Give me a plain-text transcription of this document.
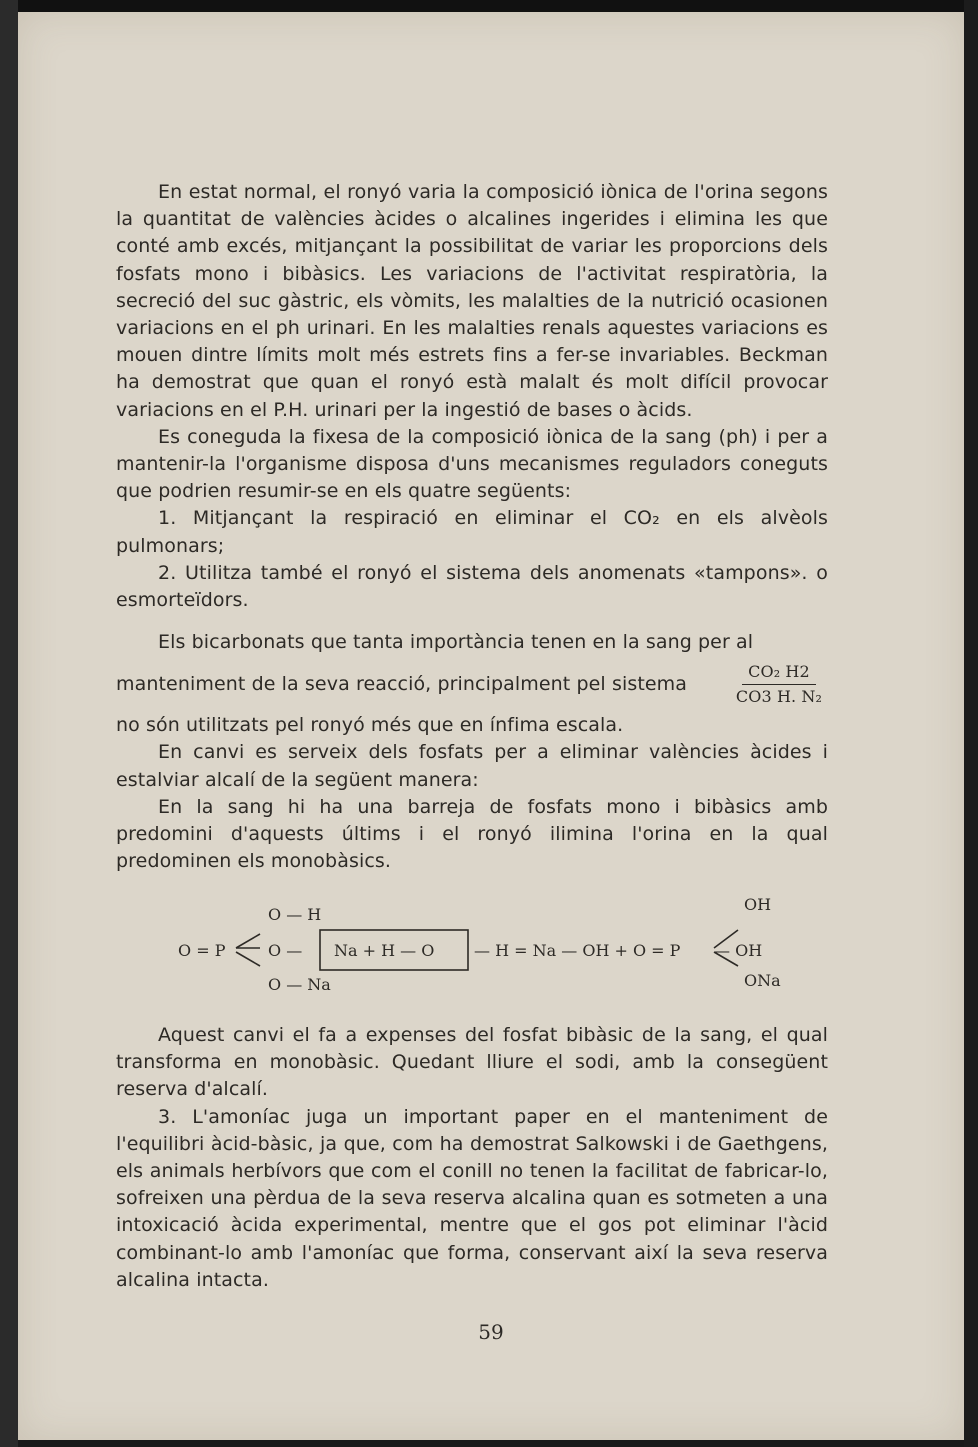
En estat normal, el ronyó varia la composició iònica de l'orina segons la quantitat de valències àcides o alcalines ingerides i elimina les que conté amb excés, mitjançant la possibilitat de variar les proporcions dels fosfats mono i bibàsics. Les variacions de l'activitat respiratòria, la secreció del suc gàstric, els vòmits, les malalties de la nutrició ocasionen variacions en el ph urinari. En les malalties renals aquestes variacions es mouen dintre límits molt més estrets fins a fer-se invariables. Beckman ha demostrat que quan el ronyó està malalt és molt difícil provocar variacions en el P.H. urinari per la ingestió de bases o àcids.

Es coneguda la fixesa de la composició iònica de la sang (ph) i per a mantenir-la l'organisme disposa d'uns mecanismes reguladors coneguts que podrien resumir-se en els quatre següents:

1. Mitjançant la respiració en eliminar el CO₂ en els alvèols pulmonars;

2. Utilitza també el ronyó el sistema dels anomenats «tampons». o esmorteïdors.

Els bicarbonats que tanta importància tenen en la sang per al

manteniment de la seva reacció, principalment pel sistema	$\frac{\text{CO₂ H2}}{\text{CO3 H. N₂}}$

no són utilitzats pel ronyó més que en ínfima escala.

En canvi es serveix dels fosfats per a eliminar valències àcides i estalviar alcalí de la següent manera:

En la sang hi ha una barreja de fosfats mono i bibàsics amb predomini d'aquests últims i el ronyó ilimina l'orina en la qual predominen els monobàsics.

O = P
O — H
O — Na + H — O
O — Na
— H = Na — OH + O = P
OH
— OH
ONa

Aquest canvi el fa a expenses del fosfat bibàsic de la sang, el qual transforma en monobàsic. Quedant lliure el sodi, amb la consegüent reserva d'alcalí.

3. L'amoníac juga un important paper en el manteniment de l'equilibri àcid-bàsic, ja que, com ha demostrat Salkowski i de Gaethgens, els animals herbívors que com el conill no tenen la facilitat de fabricar-lo, sofreixen una pèrdua de la seva reserva alcalina quan es sotmeten a una intoxicació àcida experimental, mentre que el gos pot eliminar l'àcid combinant-lo amb l'amoníac que forma, conservant així la seva reserva alcalina intacta.

59
